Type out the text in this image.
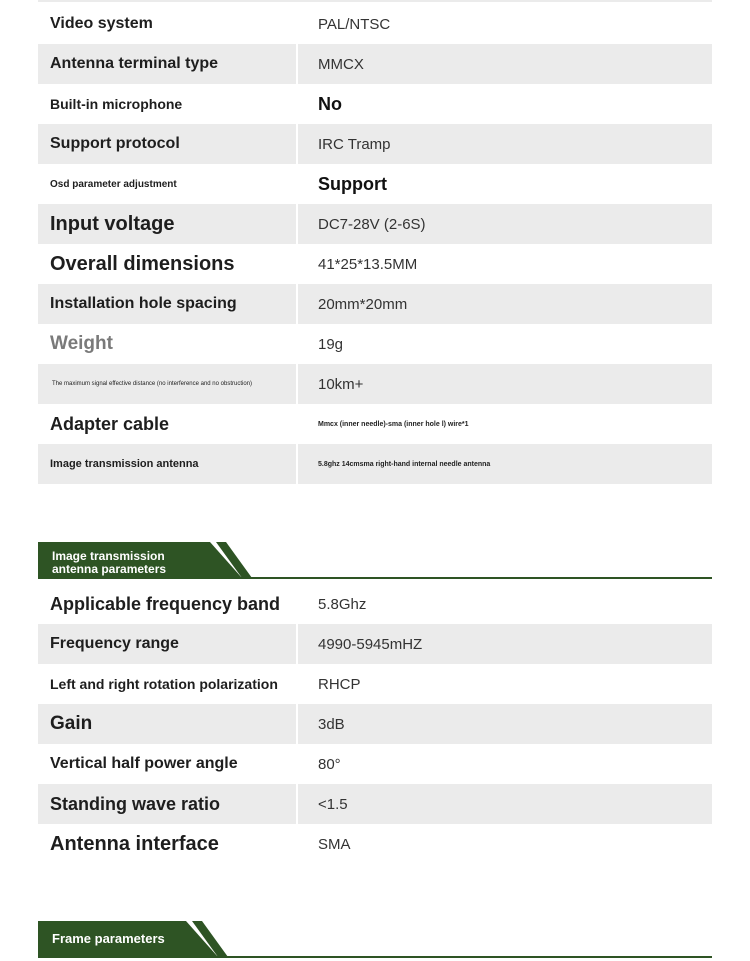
Video system	PAL/NTSC
Antenna terminal type	MMCX
Built-in microphone	No
Support protocol	IRC Tramp
Osd parameter adjustment	Support
Input voltage	DC7-28V (2-6S)
Overall dimensions	41*25*13.5MM
Installation hole spacing	20mm*20mm
Weight	19g
The maximum signal effective distance (no interference and no obstruction)	10km+
Adapter cable	Mmcx (inner needle)-sma (inner hole l) wire*1
Image transmission antenna	5.8ghz 14cmsma right-hand internal needle antenna
Image transmission
antenna parameters
Applicable frequency band	5.8Ghz
Frequency range	4990-5945mHZ
Left and right rotation polarization	RHCP
Gain	3dB
Vertical half power angle	80°
Standing wave ratio	<1.5
Antenna interface	SMA
Frame parameters
